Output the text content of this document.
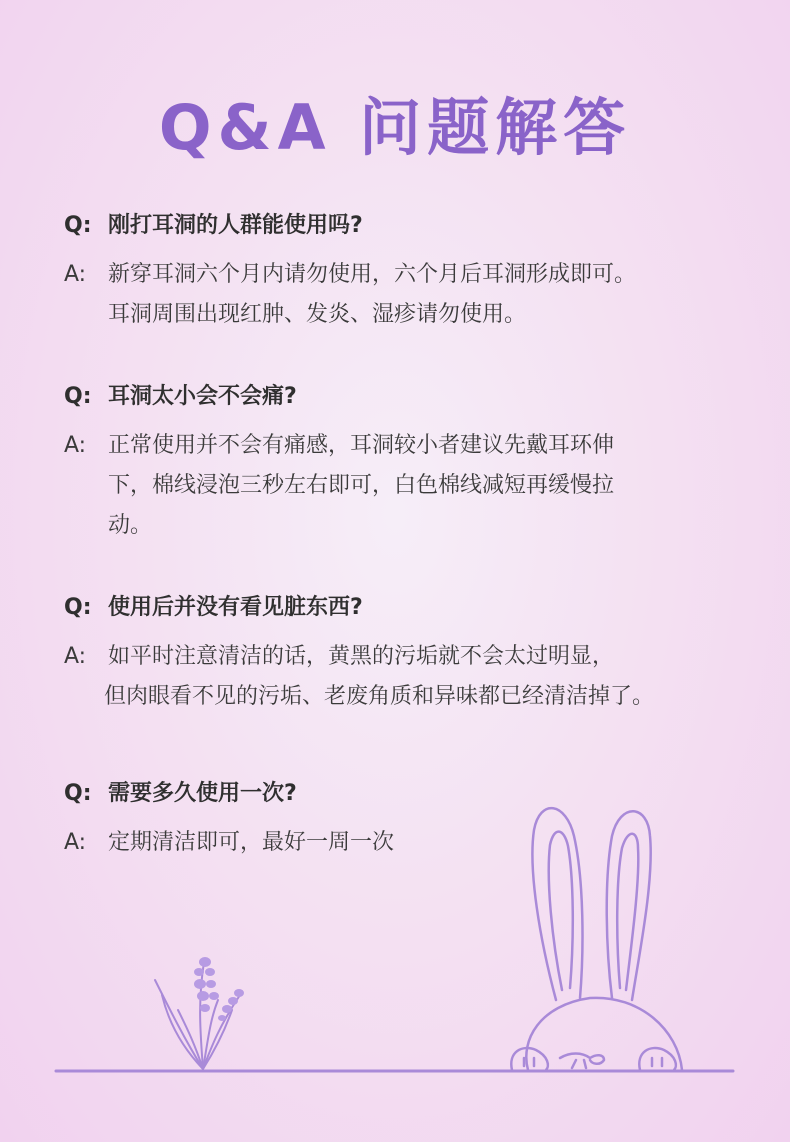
Q&A 问题解答
Q: 刚打耳洞的人群能使用吗?
A: 新穿耳洞六个月内请勿使用，六个月后耳洞形成即可。
耳洞周围出现红肿、发炎、湿疹请勿使用。
Q: 耳洞太小会不会痛?
A: 正常使用并不会有痛感，耳洞较小者建议先戴耳环伸
下，棉线浸泡三秒左右即可，白色棉线减短再缓慢拉
动。
Q: 使用后并没有看见脏东西?
A: 如平时注意清洁的话，黄黑的污垢就不会太过明显，
但肉眼看不见的污垢、老废角质和异味都已经清洁掉了。
Q: 需要多久使用一次?
A: 定期清洁即可，最好一周一次
